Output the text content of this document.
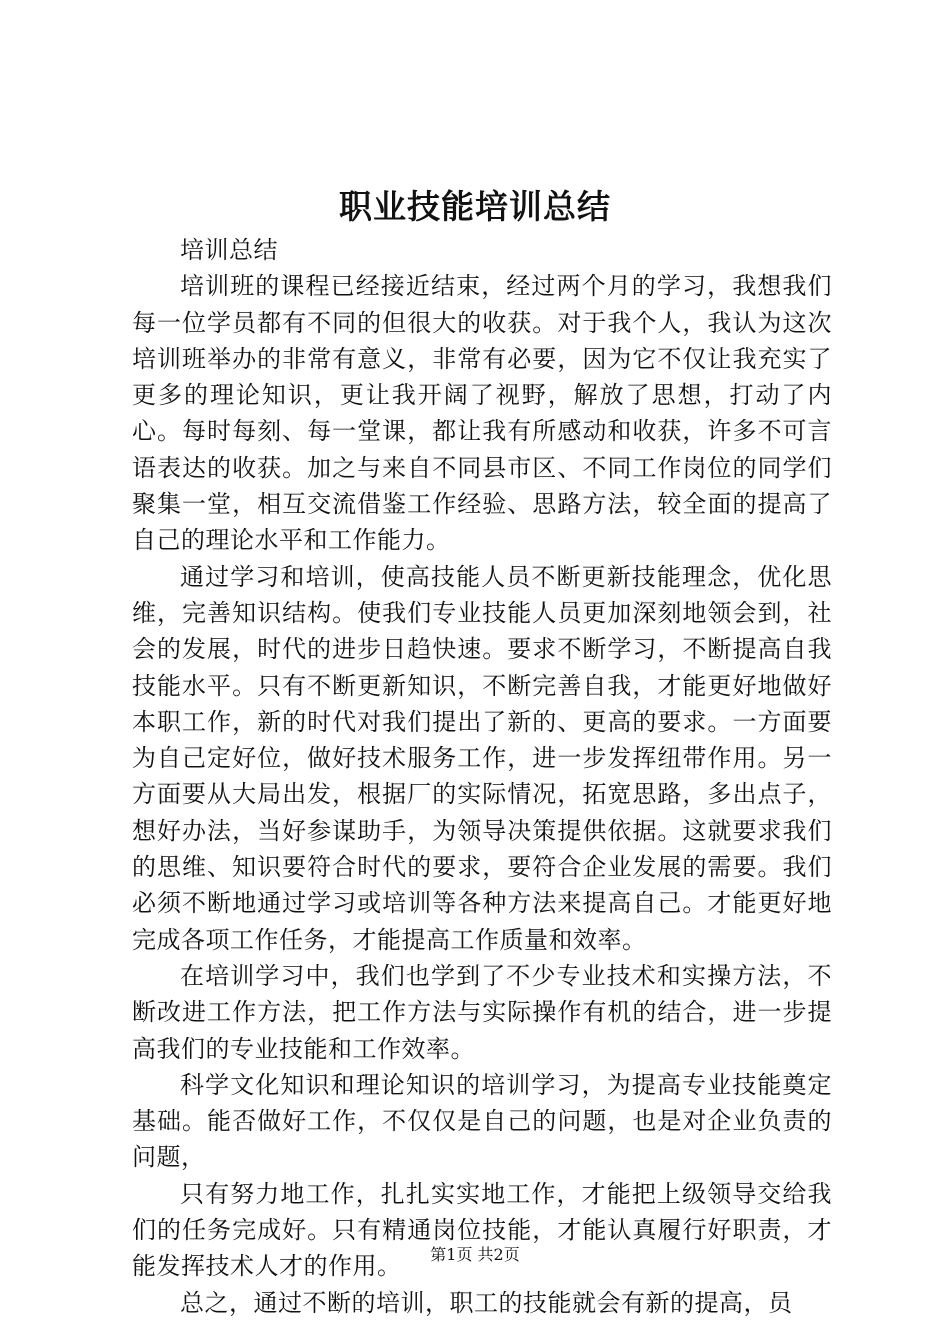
职业技能培训总结

培训总结

培训班的课程已经接近结束，经过两个月的学习，我想我们每一位学员都有不同的但很大的收获。对于我个人，我认为这次培训班举办的非常有意义，非常有必要，因为它不仅让我充实了更多的理论知识，更让我开阔了视野，解放了思想，打动了内心。每时每刻、每一堂课，都让我有所感动和收获，许多不可言语表达的收获。加之与来自不同县市区、不同工作岗位的同学们聚集一堂，相互交流借鉴工作经验、思路方法，较全面的提高了自己的理论水平和工作能力。

通过学习和培训，使高技能人员不断更新技能理念，优化思维，完善知识结构。使我们专业技能人员更加深刻地领会到，社会的发展，时代的进步日趋快速。要求不断学习，不断提高自我技能水平。只有不断更新知识，不断完善自我，才能更好地做好本职工作，新的时代对我们提出了新的、更高的要求。一方面要为自己定好位，做好技术服务工作，进一步发挥纽带作用。另一方面要从大局出发，根据厂的实际情况，拓宽思路，多出点子，想好办法，当好参谋助手，为领导决策提供依据。这就要求我们的思维、知识要符合时代的要求，要符合企业发展的需要。我们必须不断地通过学习或培训等各种方法来提高自己。才能更好地完成各项工作任务，才能提高工作质量和效率。

在培训学习中，我们也学到了不少专业技术和实操方法，不断改进工作方法，把工作方法与实际操作有机的结合，进一步提高我们的专业技能和工作效率。

科学文化知识和理论知识的培训学习，为提高专业技能奠定基础。能否做好工作，不仅仅是自己的问题，也是对企业负责的问题，

只有努力地工作，扎扎实实地工作，才能把上级领导交给我们的任务完成好。只有精通岗位技能，才能认真履行好职责，才能发挥技术人才的作用。

总之，通过不断的培训，职工的技能就会有新的提高，员

第1页 共2页
